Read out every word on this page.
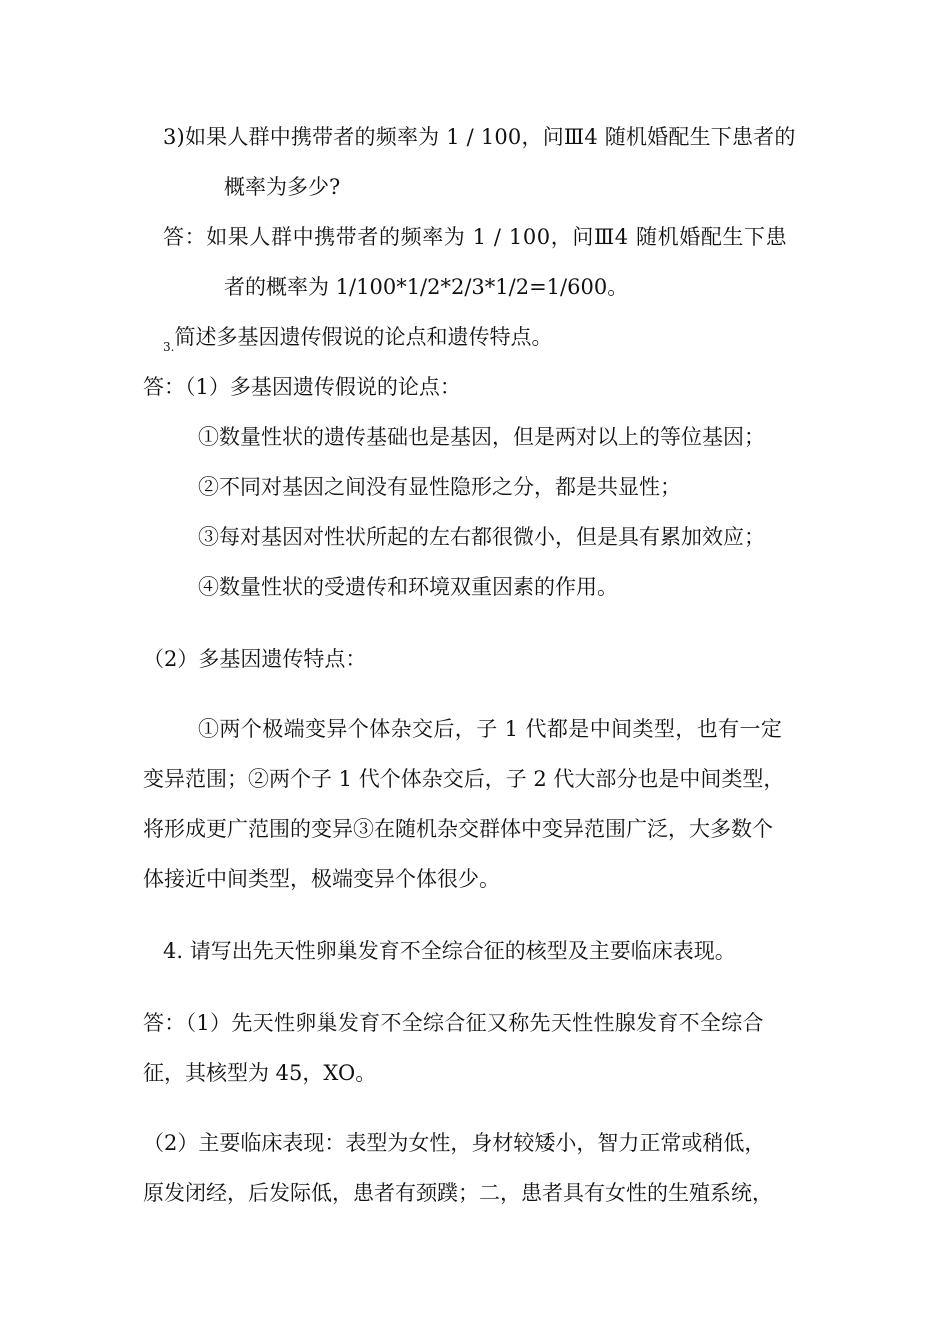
3)如果人群中携带者的频率为 1 / 100，问Ⅲ4 随机婚配生下患者的
概率为多少?
答：如果人群中携带者的频率为 1 / 100，问Ⅲ4 随机婚配生下患
者的概率为 1/100*1/2*2/3*1/2=1/600。
$_{3.}$简述多基因遗传假说的论点和遗传特点。
答：（1）多基因遗传假说的论点：
①数量性状的遗传基础也是基因，但是两对以上的等位基因；
②不同对基因之间没有显性隐形之分，都是共显性；
③每对基因对性状所起的左右都很微小，但是具有累加效应；
④数量性状的受遗传和环境双重因素的作用。
（2）多基因遗传特点：
①两个极端变异个体杂交后，子 1 代都是中间类型，也有一定
变异范围；②两个子 1 代个体杂交后，子 2 代大部分也是中间类型，
将形成更广范围的变异③在随机杂交群体中变异范围广泛，大多数个
体接近中间类型，极端变异个体很少。
4. 请写出先天性卵巢发育不全综合征的核型及主要临床表现。
答：（1）先天性卵巢发育不全综合征又称先天性性腺发育不全综合
征，其核型为 45，XO。
（2）主要临床表现：表型为女性，身材较矮小，智力正常或稍低，
原发闭经，后发际低，患者有颈蹼；二，患者具有女性的生殖系统，
